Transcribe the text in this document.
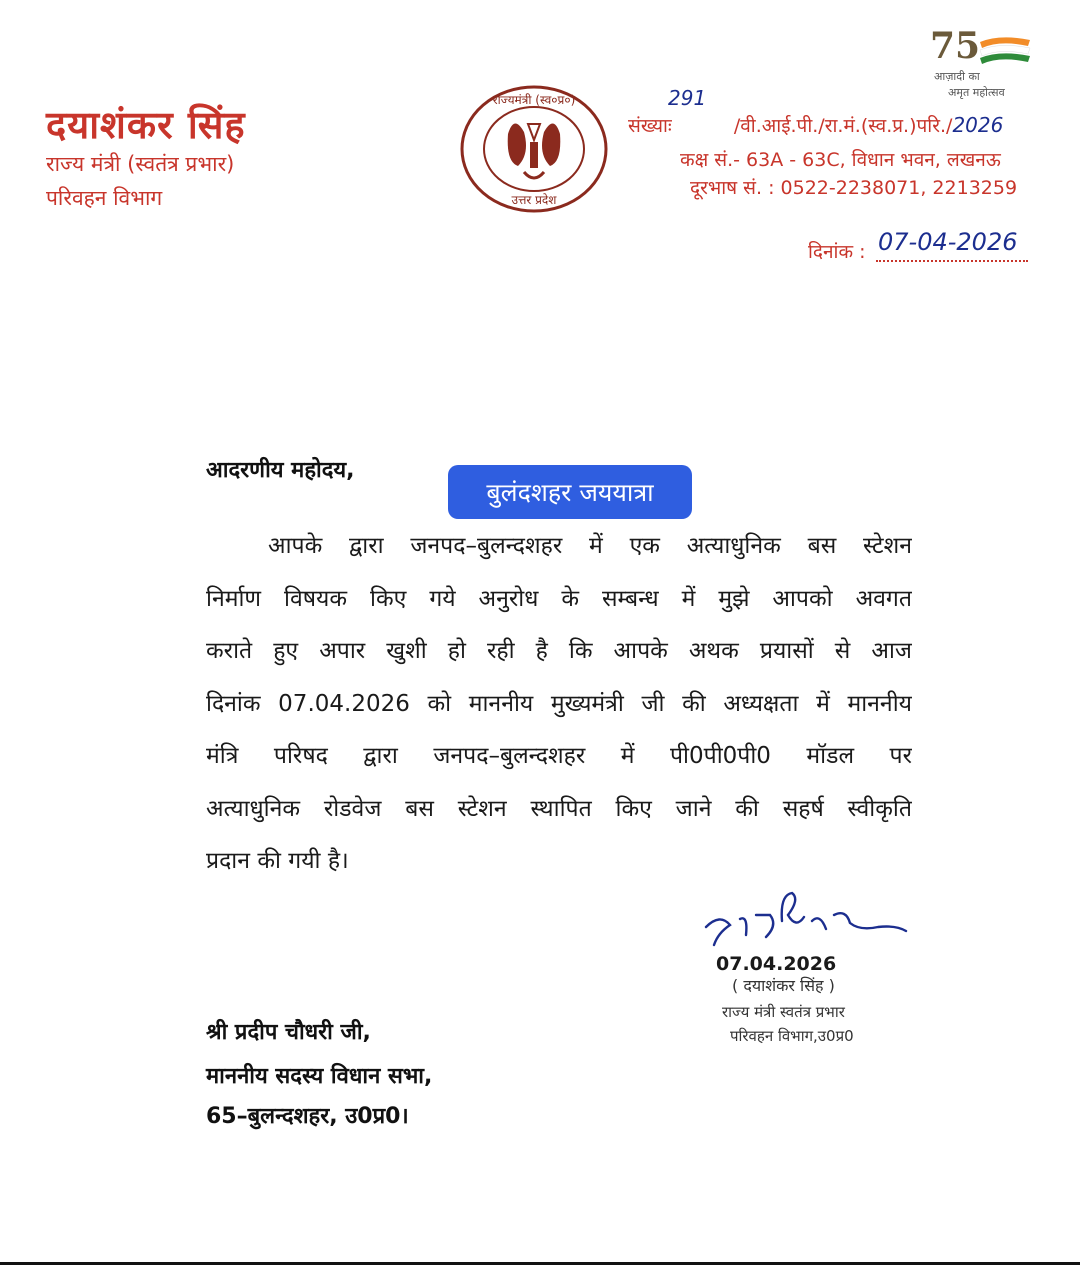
दयाशंकर सिंह
राज्य मंत्री (स्वतंत्र प्रभार)
परिवहन विभाग
राज्यमंत्री (स्व०प्र०)
उत्तर प्रदेश
75
आज़ादी का
अमृत महोत्सव
291
संख्याः	/वी.आई.पी./रा.मं.(स्व.प्र.)परि./2026
कक्ष सं.- 63A - 63C, विधान भवन, लखनऊ
दूरभाष सं. : 0522-2238071, 2213259
दिनांक : 07-04-2026
आदरणीय महोदय,
बुलंदशहर जययात्रा
आपके द्वारा जनपद–बुलन्दशहर में एक अत्याधुनिक बस स्टेशन
निर्माण विषयक किए गये अनुरोध के सम्बन्ध में मुझे आपको अवगत
कराते हुए अपार खुशी हो रही है कि आपके अथक प्रयासों से आज
दिनांक 07.04.2026 को माननीय मुख्यमंत्री जी की अध्यक्षता में माननीय
मंत्रि परिषद द्वारा जनपद–बुलन्दशहर में पी0पी0पी0 मॉडल पर
अत्याधुनिक रोडवेज बस स्टेशन स्थापित किए जाने की सहर्ष स्वीकृति
प्रदान की गयी है।
07.04.2026
( दयाशंकर सिंह )
राज्य मंत्री स्वतंत्र प्रभार
परिवहन विभाग,उ0प्र0
श्री प्रदीप चौधरी जी,
माननीय सदस्य विधान सभा,
65–बुलन्दशहर, उ0प्र0।
